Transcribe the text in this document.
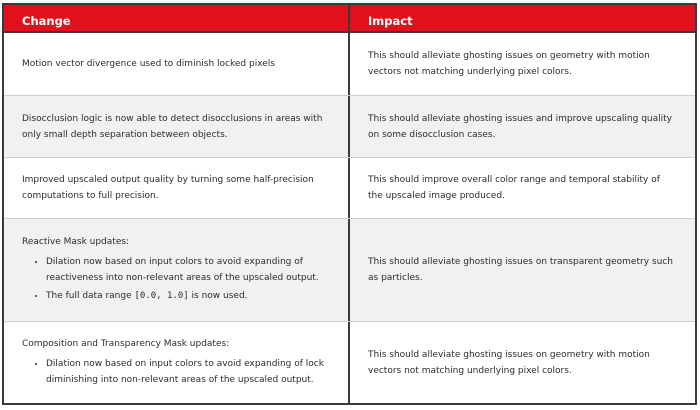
Change	Impact
Motion vector divergence used to diminish locked pixels
This should alleviate ghosting issues on geometry with motion vectors not matching underlying pixel colors.
Disocclusion logic is now able to detect disocclusions in areas with only small depth separation between objects.
This should alleviate ghosting issues and improve upscaling quality on some disocclusion cases.
Improved upscaled output quality by turning some half-precision computations to full precision.
This should improve overall color range and temporal stability of the upscaled image produced.
Reactive Mask updates:
• Dilation now based on input colors to avoid expanding of reactiveness into non-relevant areas of the upscaled output.
• The full data range [0.0, 1.0] is now used.
This should alleviate ghosting issues on transparent geometry such as particles.
Composition and Transparency Mask updates:
• Dilation now based on input colors to avoid expanding of lock diminishing into non-relevant areas of the upscaled output.
This should alleviate ghosting issues on geometry with motion vectors not matching underlying pixel colors.
